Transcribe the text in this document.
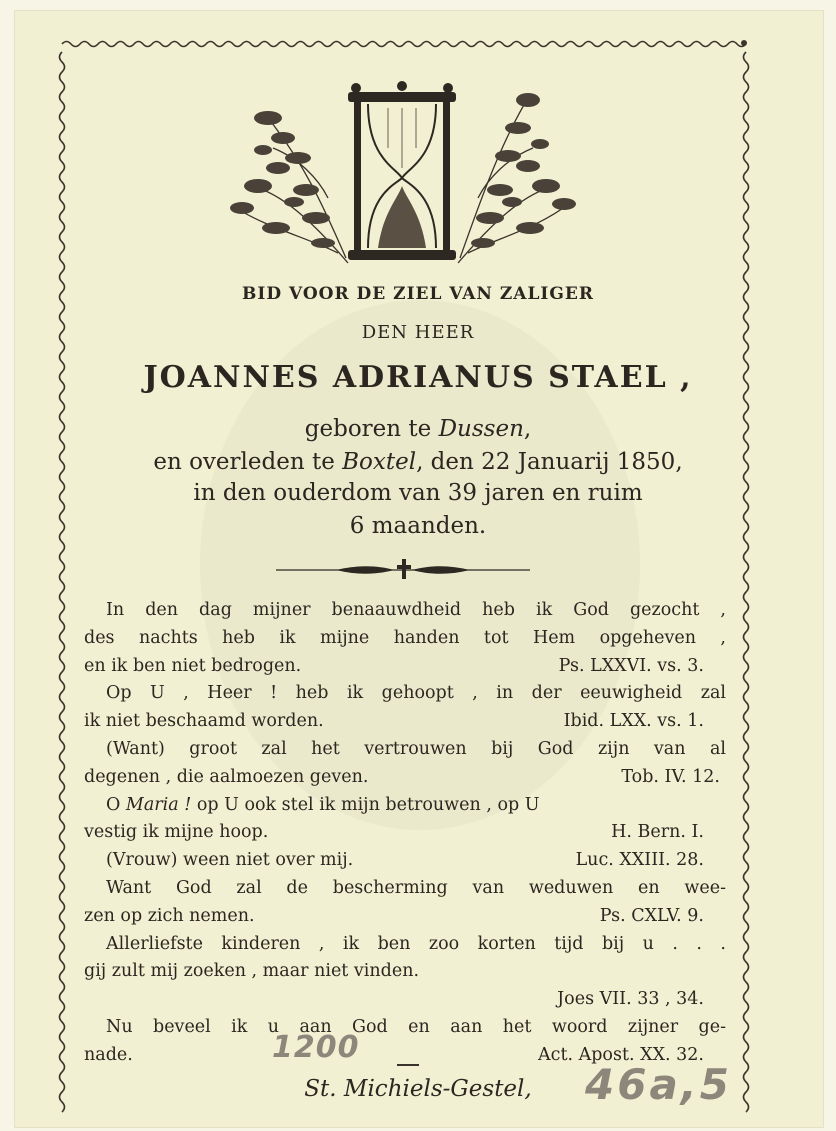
BID VOOR DE ZIEL VAN ZALIGER
DEN HEER
JOANNES ADRIANUS STAEL ,
geboren te Dussen,
en overleden te Boxtel, den 22 Januarij 1850,
in den ouderdom van 39 jaren en ruim
6 maanden.
In den dag mijner benaauwdheid heb ik God gezocht ,
des nachts heb ik mijne handen tot Hem opgeheven ,
en ik ben niet bedrogen.	Ps. LXXVI. vs. 3.
Op U , Heer ! heb ik gehoopt , in der eeuwigheid zal
ik niet beschaamd worden.	Ibid. LXX. vs. 1.
(Want) groot zal het vertrouwen bij God zijn van al
degenen , die aalmoezen geven.	Tob. IV. 12.
O Maria ! op U ook stel ik mijn betrouwen , op U
vestig ik mijne hoop.	H. Bern. I.
(Vrouw) ween niet over mij.	Luc. XXIII. 28.
Want God zal de bescherming van weduwen en wee-
zen op zich nemen.	Ps. CXLV. 9.
Allerliefste kinderen , ik ben zoo korten tijd bij u . . .
gij zult mij zoeken , maar niet vinden.
Joes VII. 33 , 34.
Nu beveel ik u aan God en aan het woord zijner ge-
nade.	Act. Apost. XX. 32.
St. Michiels-Gestel,
1200
46a,5
